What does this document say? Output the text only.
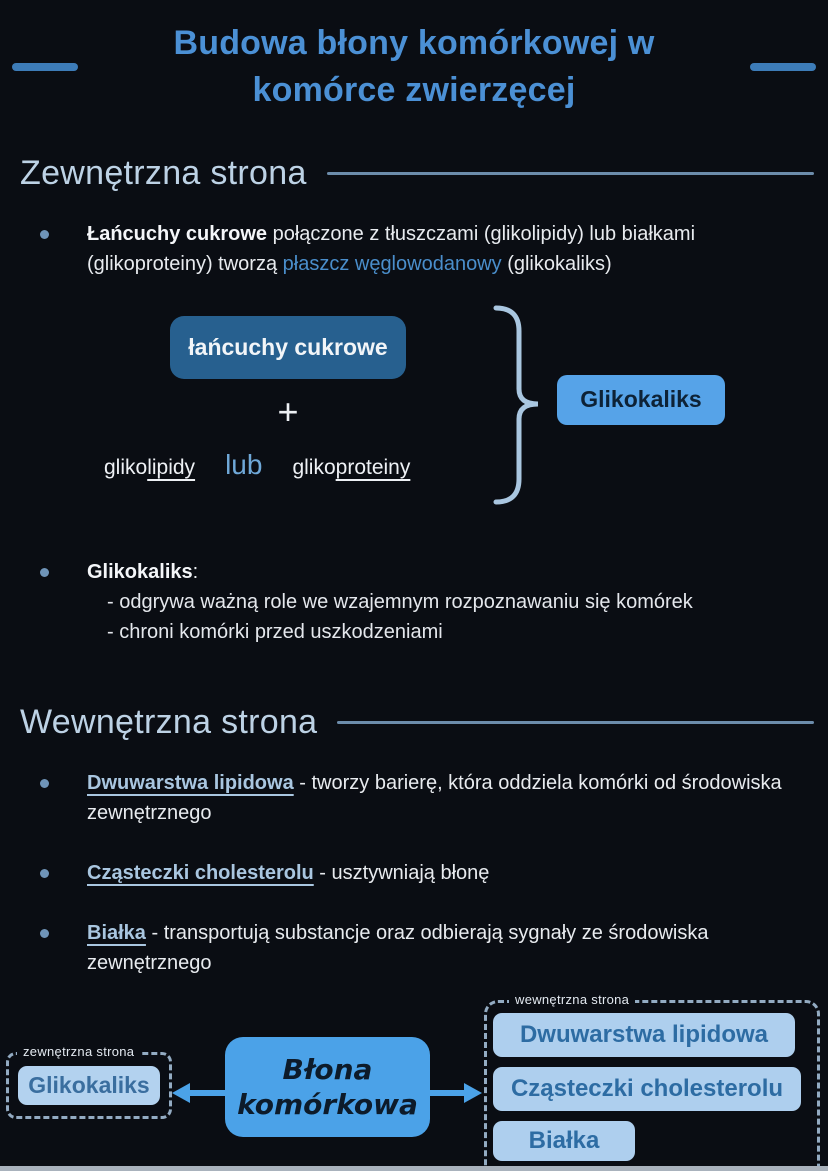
Budowa błony komórkowej w
komórce zwierzęcej
Zewnętrzna strona
Łańcuchy cukrowe połączone z tłuszczami (glikolipidy) lub białkami (glikoproteiny) tworzą płaszcz węglowodanowy (glikokaliks)
łańcuchy cukrowe
+
glikolipidy lub glikoproteiny
Glikokaliks
Glikokaliks:
- odgrywa ważną role we wzajemnym rozpoznawaniu się komórek
- chroni komórki przed uszkodzeniami
Wewnętrzna strona
Dwuwarstwa lipidowa - tworzy barierę, która oddziela komórki od środowiska zewnętrznego
Cząsteczki cholesterolu - usztywniają błonę
Białka - transportują substancje oraz odbierają sygnały ze środowiska zewnętrznego
zewnętrzna strona
Glikokaliks	Błona
komórkowa
wewnętrzna strona
Dwuwarstwa lipidowa
Cząsteczki cholesterolu
Białka
